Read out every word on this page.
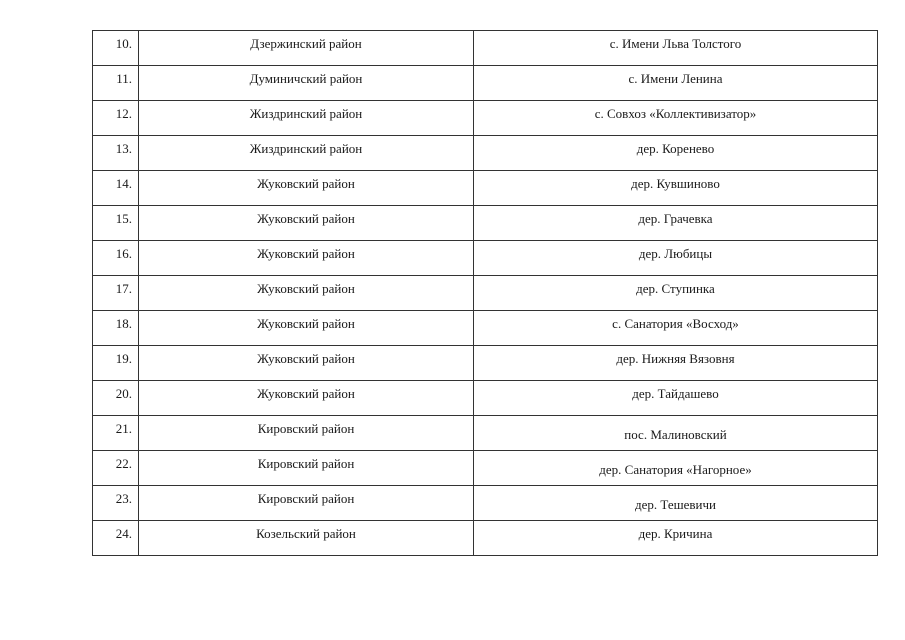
10.	Дзержинский район	с. Имени Льва Толстого

11.	Думиничский район	с. Имени Ленина

12.	Жиздринский район	с. Совхоз «Коллективизатор»

13.	Жиздринский район	дер. Коренево

14.	Жуковский район	дер. Кувшиново

15.	Жуковский район	дер. Грачевка

16.	Жуковский район	дер. Любицы

17.	Жуковский район	дер. Ступинка

18.	Жуковский район	с. Санатория «Восход»

19.	Жуковский район	дер. Нижняя Вязовня

20.	Жуковский район	дер. Тайдашево

21.	Кировский район	пос. Малиновский

22.	Кировский район	дер. Санатория «Нагорное»

23.	Кировский район	дер. Тешевичи

24.	Козельский район	дер. Кричина
